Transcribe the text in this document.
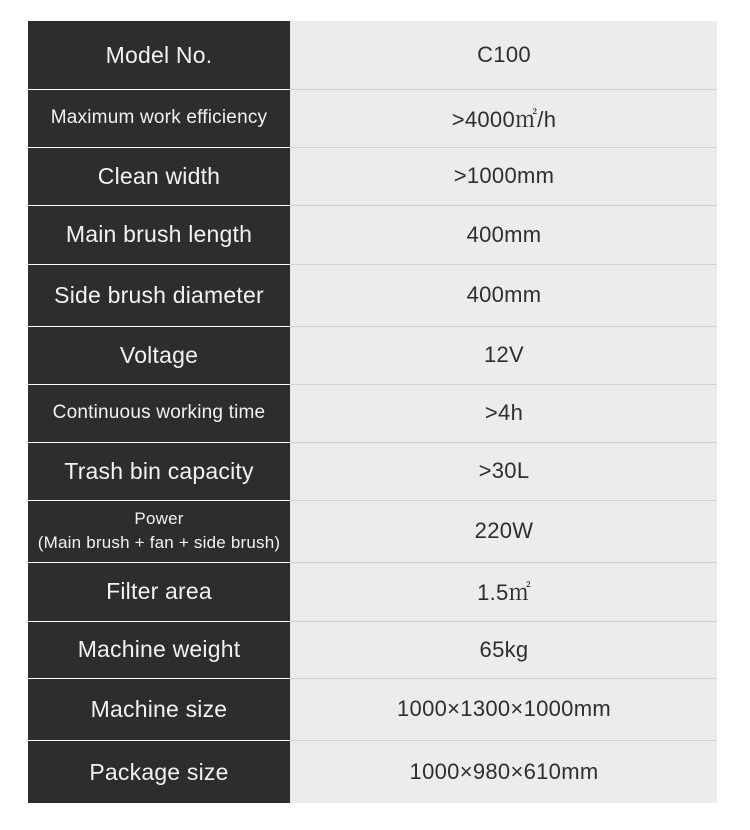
Model No.	C100
Maximum work efficiency	>4000㎡/h
Clean width	>1000mm
Main brush length	400mm
Side brush diameter	400mm
Voltage	12V
Continuous working time	>4h
Trash bin capacity	>30L

Power
(Main brush + fan + side brush)	220W
Filter area	1.5㎡
Machine weight	65kg
Machine size	1000×1300×1000mm
Package size	1000×980×610mm
